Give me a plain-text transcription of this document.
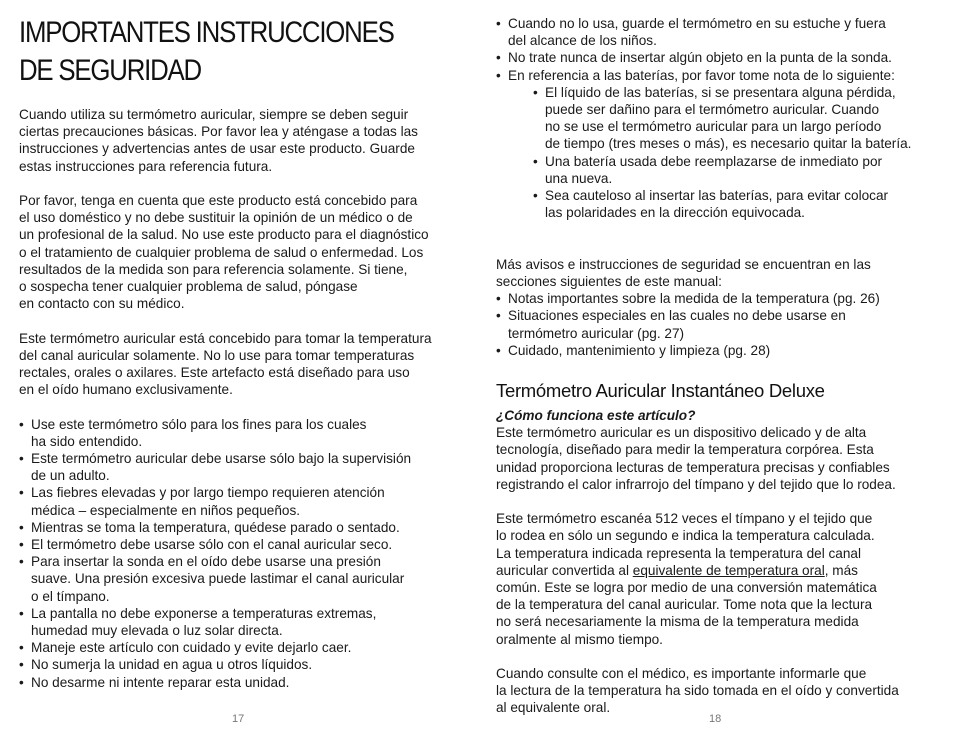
IMPORTANTES INSTRUCCIONES
DE SEGURIDAD
Cuando utiliza su termómetro auricular, siempre se deben seguir
ciertas precauciones básicas. Por favor lea y aténgase a todas las
instrucciones y advertencias antes de usar este producto. Guarde
estas instrucciones para referencia futura.
Por favor, tenga en cuenta que este producto está concebido para
el uso doméstico y no debe sustituir la opinión de un médico o de
un profesional de la salud. No use este producto para el diagnóstico
o el tratamiento de cualquier problema de salud o enfermedad. Los
resultados de la medida son para referencia solamente. Si tiene,
o sospecha tener cualquier problema de salud, póngase
en contacto con su médico.
Este termómetro auricular está concebido para tomar la temperatura
del canal auricular solamente. No lo use para tomar temperaturas
rectales, orales o axilares. Este artefacto está diseñado para uso
en el oído humano exclusivamente.
• Use este termómetro sólo para los fines para los cuales
ha sido entendido.
• Este termómetro auricular debe usarse sólo bajo la supervisión
de un adulto.
• Las fiebres elevadas y por largo tiempo requieren atención
médica – especialmente en niños pequeños.
• Mientras se toma la temperatura, quédese parado o sentado.
• El termómetro debe usarse sólo con el canal auricular seco.
• Para insertar la sonda en el oído debe usarse una presión
suave. Una presión excesiva puede lastimar el canal auricular
o el tímpano.
• La pantalla no debe exponerse a temperaturas extremas,
humedad muy elevada o luz solar directa.
• Maneje este artículo con cuidado y evite dejarlo caer.
• No sumerja la unidad en agua u otros líquidos.
• No desarme ni intente reparar esta unidad.
17
• Cuando no lo usa, guarde el termómetro en su estuche y fuera
del alcance de los niños.
• No trate nunca de insertar algún objeto en la punta de la sonda.
• En referencia a las baterías, por favor tome nota de lo siguiente:
• El líquido de las baterías, si se presentara alguna pérdida,
puede ser dañino para el termómetro auricular. Cuando
no se use el termómetro auricular para un largo período
de tiempo (tres meses o más), es necesario quitar la batería.
• Una batería usada debe reemplazarse de inmediato por
una nueva.
• Sea cauteloso al insertar las baterías, para evitar colocar
las polaridades en la dirección equivocada.
Más avisos e instrucciones de seguridad se encuentran en las
secciones siguientes de este manual:
• Notas importantes sobre la medida de la temperatura (pg. 26)
• Situaciones especiales en las cuales no debe usarse en
termómetro auricular (pg. 27)
• Cuidado, mantenimiento y limpieza (pg. 28)
Termómetro Auricular Instantáneo Deluxe

¿Cómo funciona este artículo?

Este termómetro auricular es un dispositivo delicado y de alta
tecnología, diseñado para medir la temperatura corpórea. Esta
unidad proporciona lecturas de temperatura precisas y confiables
registrando el calor infrarrojo del tímpano y del tejido que lo rodea.
Este termómetro escanéa 512 veces el tímpano y el tejido que
lo rodea en sólo un segundo e indica la temperatura calculada.
La temperatura indicada representa la temperatura del canal
auricular convertida al equivalente de temperatura oral, más
común. Este se logra por medio de una conversión matemática
de la temperatura del canal auricular. Tome nota que la lectura
no será necesariamente la misma de la temperatura medida
oralmente al mismo tiempo.
Cuando consulte con el médico, es importante informarle que
la lectura de la temperatura ha sido tomada en el oído y convertida
al equivalente oral.
18
